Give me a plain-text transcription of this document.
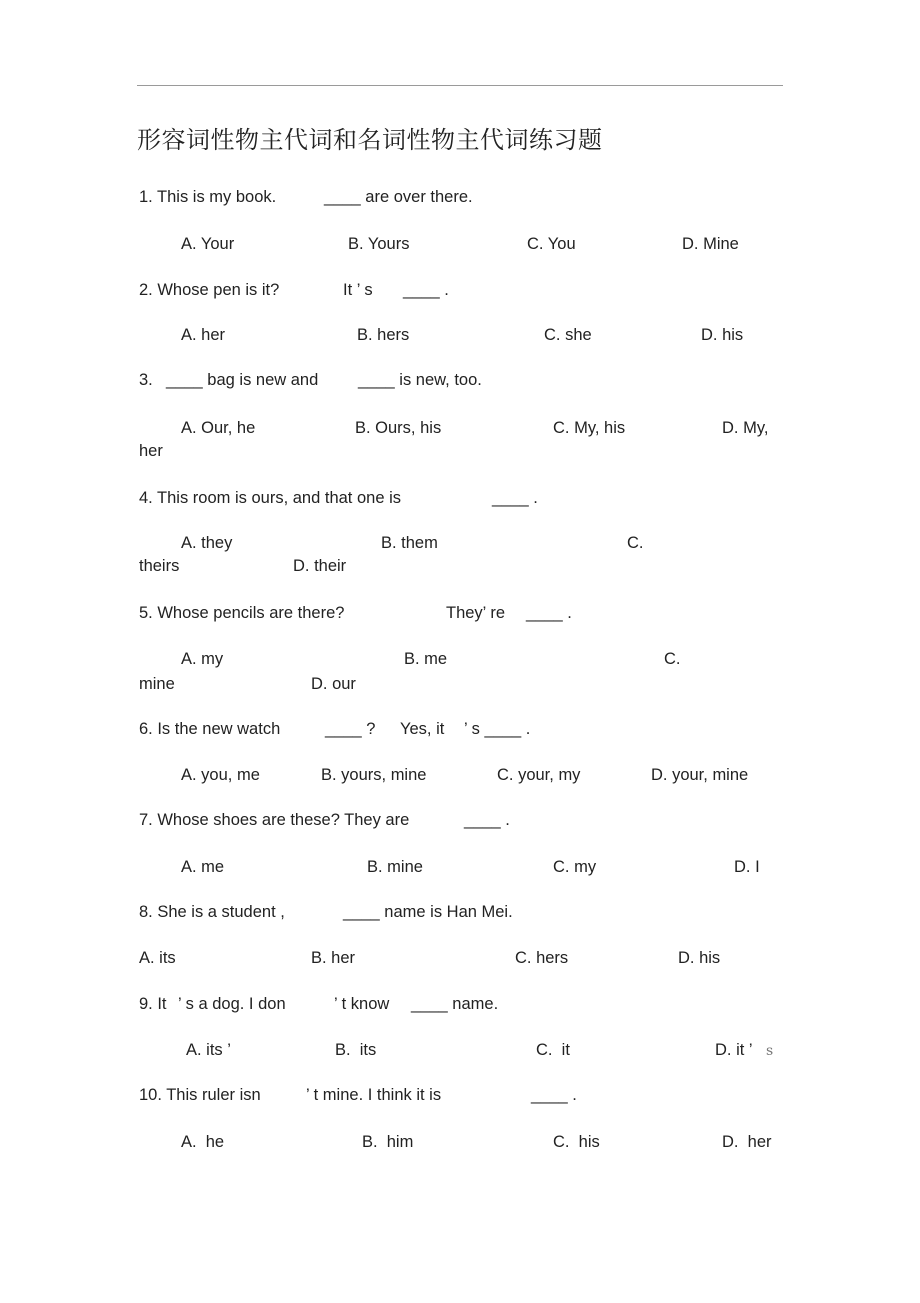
形容词性物主代词和名词性物主代词练习题
1. This is my book.	____ are over there.
A. Your	B. Yours	C. You	D. Mine
2. Whose pen is it?	It ’ s ____ .
A. her	B. hers	C. she	D. his
3. ____ bag is new and ____ is new, too.
A. Our, he	B. Ours, his	C. My, his	D. My,
her
4. This room is ours, and that one is	____ .
A. they	B. them	C.
theirs	D. their
5. Whose pencils are there?	They’ re ____ .
A. my	B. me	C.
mine	D. our
6. Is the new watch	____ ? Yes, it ’ s ____ .
A. you, me	B. yours, mine	C. your, my	D. your, mine
7. Whose shoes are these? They are	____ .
A. me	B. mine	C. my	D. I
8. She is a student ,	____ name is Han Mei.
A. its	B. her	C. hers	D. his
9. It ’ s a dog. I don	’ t know ____ name.
A. its ’	B.  its	C.  it	D. it ’ s
10. This ruler isn	’ t mine. I think it is	____ .
A.  he	B.  him	C.  his	D.  her
